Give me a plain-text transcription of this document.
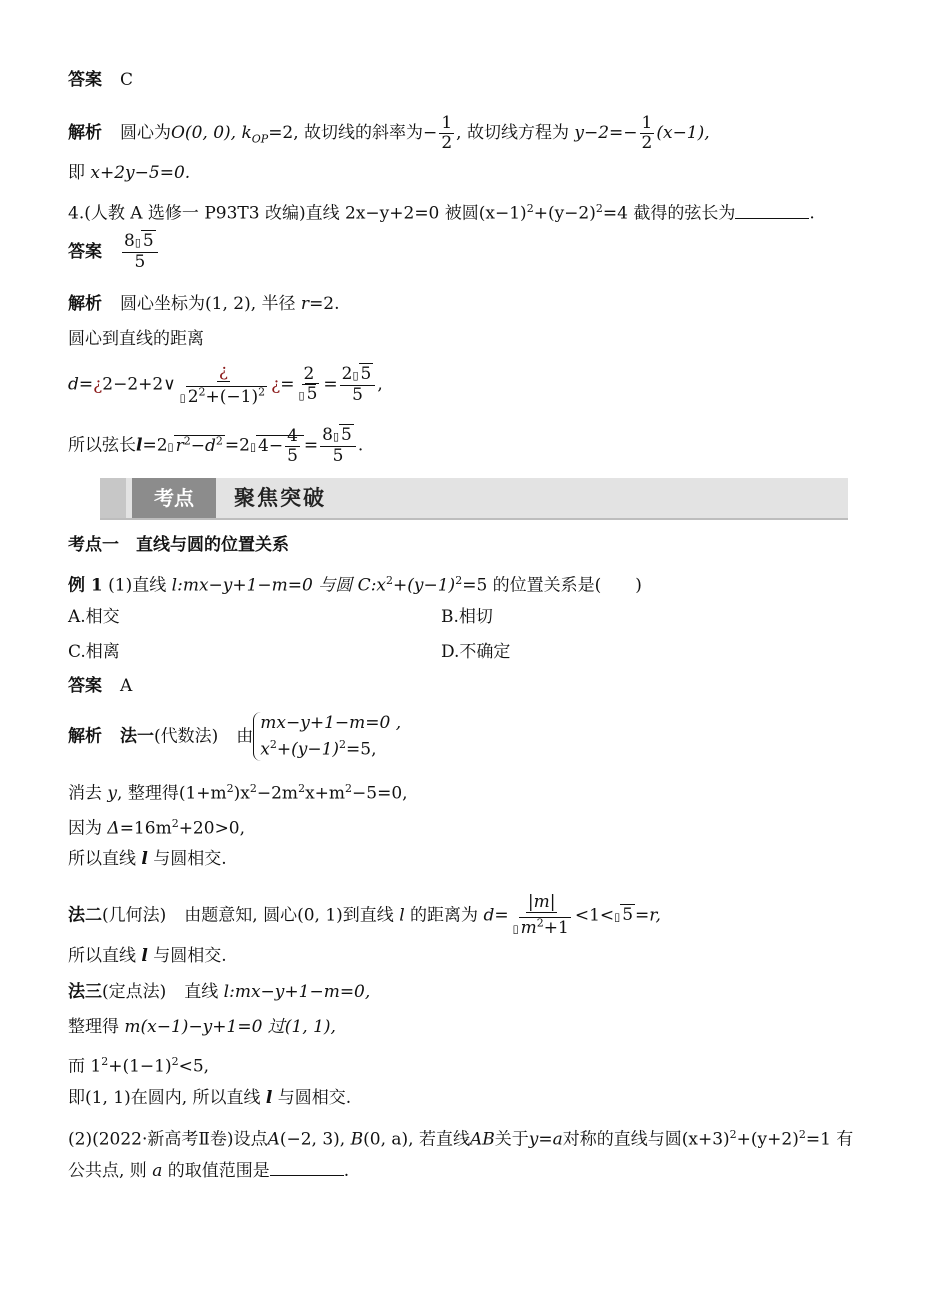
答案 C
解析 圆心为O(0, 0), $k_{OP}=2$, 故切线的斜率为− $\frac{1}{2}$ , 故切线方程为 $y-2=- \frac{1}{2} (x-1)$,
即 x+2y−5=0.
4.(人教 A 选修一 P93T3 改编)直线 2x−y+2=0 被圆$(x-1)^2+(y-2)^2=4$ 截得的弦长为	.
答案 $\frac{8▯ 5}{5}$
解析 圆心坐标为(1, 2), 半径 r=2.
圆心到直线的距离
d=¿2−2+2∨ $\frac{¿}{▯ 2^2+(-1)^2}$ ¿= $\frac{2}{▯ 5} = \frac{2▯ 5}{5}$ ,
所以弦长l=2▯ $r^2-d^2$ =2▯ $4- \frac{4}{5} = \frac{8▯ 5}{5}$ .
考点	聚焦突破
考点一　直线与圆的位置关系
例 1 (1)直线 l:mx−y+1−m=0 与圆 $C:x^2+(y-1)^2=5$ 的位置关系是(　　)
A.相交	B.相切
C.相离	D.不确定
答案 A
解析 法一(代数法) 由mx−y+1−m=0 ,
$x^2+(y-1)^2=5$,
消去 y, 整理得$(1+m^2)x^2-2m^2x+m^2-5=0$,
因为 $\Delta=16m^2+20>0$,
所以直线 l 与圆相交.
法二(几何法) 由题意知, 圆心(0, 1)到直线 l 的距离为 $d= \frac{|m|}{▯ m^2+1}$ <1<▯ 5 =r,
所以直线 l 与圆相交.
法三(定点法) 直线 l:mx−y+1−m=0,
整理得 m(x−1)−y+1=0 过(1, 1),
而 $1^2+(1-1)^2<5$,
即(1, 1)在圆内, 所以直线 l 与圆相交.
(2)(2022·新高考Ⅱ卷)设点A(−2, 3), B(0, a), 若直线AB关于y=a对称的直线与圆$(x+3)^2+(y+2)^2=1$ 有
公共点, 则 a 的取值范围是	.
